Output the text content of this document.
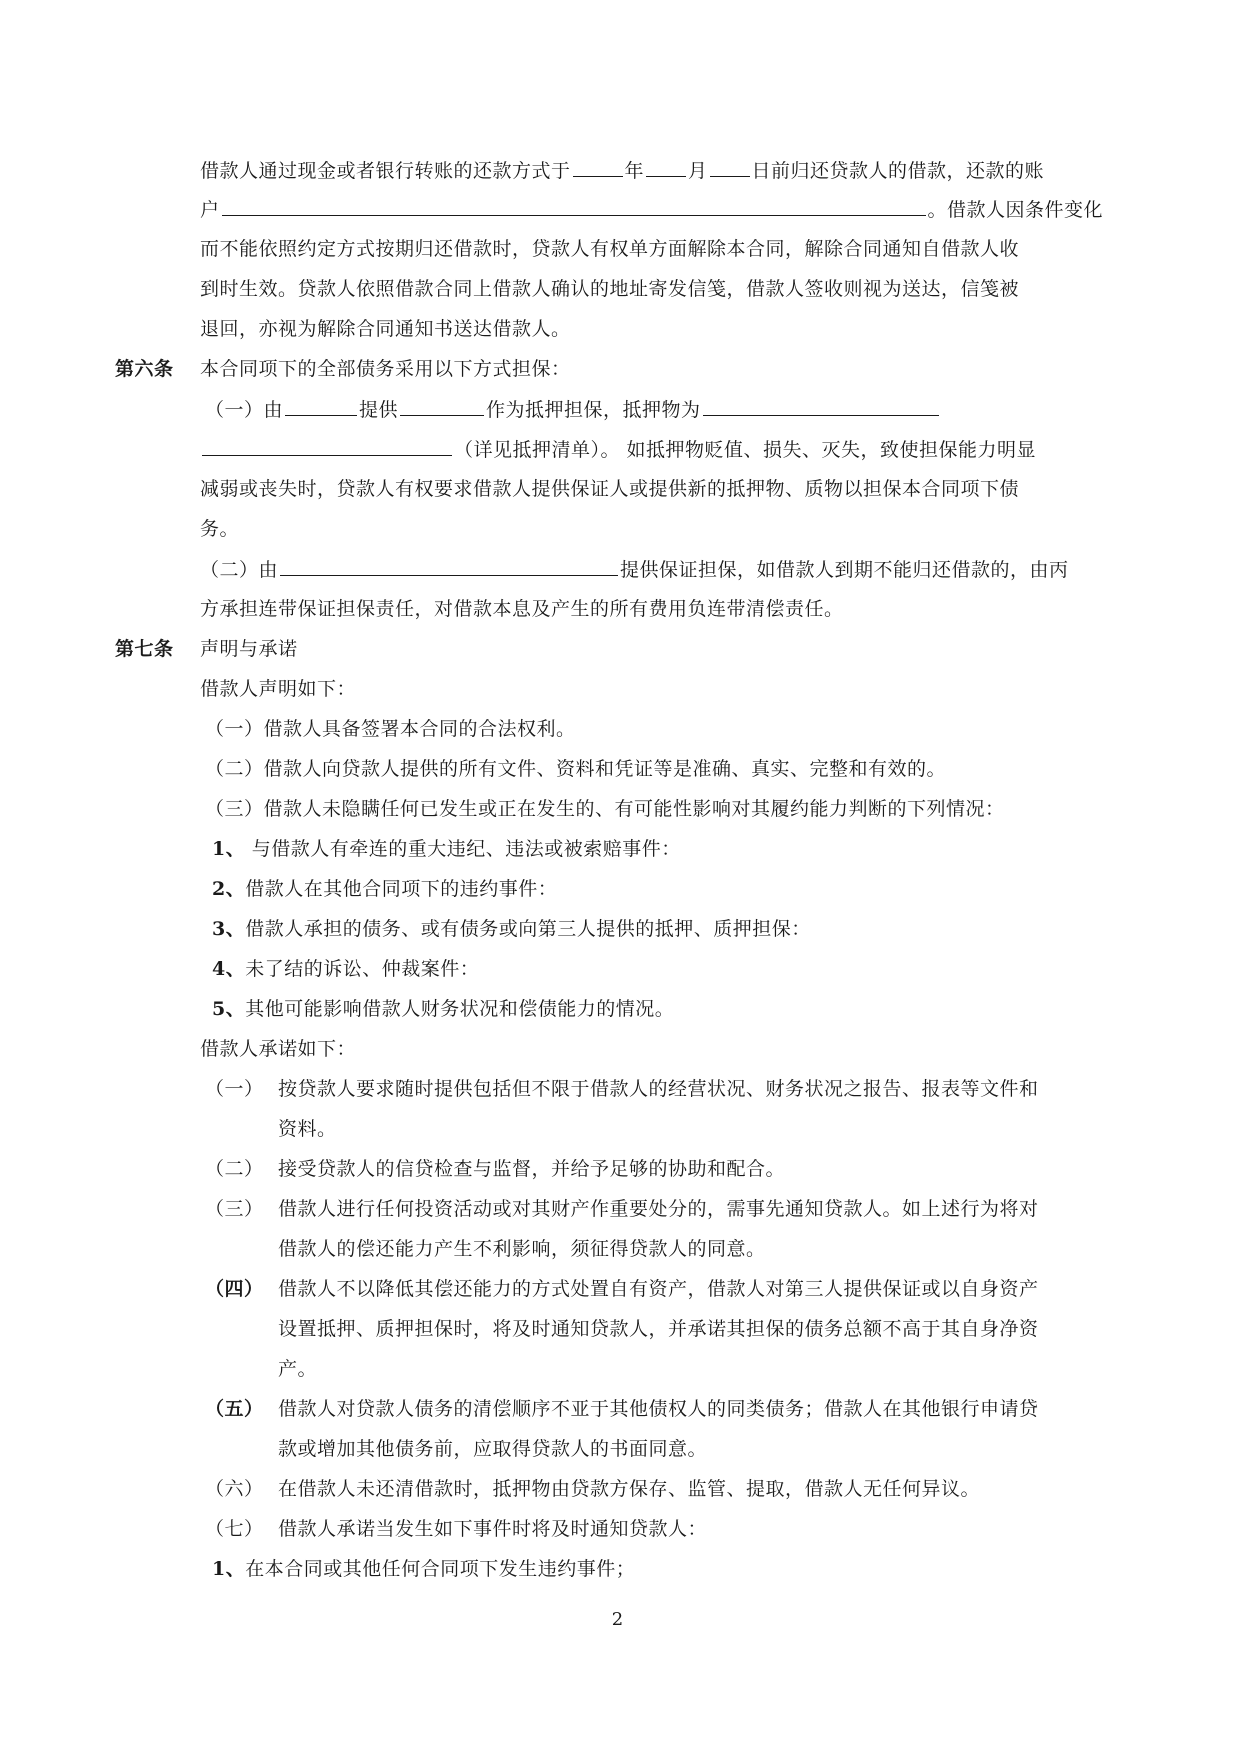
借款人通过现金或者银行转账的还款方式于	年 月 日前归还贷款人的借款，还款的账
户	。借款人因条件变化
而不能依照约定方式按期归还借款时，贷款人有权单方面解除本合同，解除合同通知自借款人收
到时生效。贷款人依照借款合同上借款人确认的地址寄发信笺，借款人签收则视为送达，信笺被
退回，亦视为解除合同通知书送达借款人。
第六条 本合同项下的全部债务采用以下方式担保：
（一）由	提供	作为抵押担保，抵押物为
（详见抵押清单）。 如抵押物贬值、损失、灭失，致使担保能力明显
减弱或丧失时，贷款人有权要求借款人提供保证人或提供新的抵押物、质物以担保本合同项下债
务。
（二）由	提供保证担保，如借款人到期不能归还借款的，由丙
方承担连带保证担保责任，对借款本息及产生的所有费用负连带清偿责任。
第七条 声明与承诺
借款人声明如下：
（一）借款人具备签署本合同的合法权利。
（二）借款人向贷款人提供的所有文件、资料和凭证等是准确、真实、完整和有效的。
（三）借款人未隐瞒任何已发生或正在发生的、有可能性影响对其履约能力判断的下列情况：
1、 与借款人有牵连的重大违纪、违法或被索赔事件：
2、借款人在其他合同项下的违约事件：
3、借款人承担的债务、或有债务或向第三人提供的抵押、质押担保：
4、未了结的诉讼、仲裁案件：
5、其他可能影响借款人财务状况和偿债能力的情况。
借款人承诺如下：
（一） 按贷款人要求随时提供包括但不限于借款人的经营状况、财务状况之报告、报表等文件和
资料。
（二） 接受贷款人的信贷检查与监督，并给予足够的协助和配合。
（三） 借款人进行任何投资活动或对其财产作重要处分的，需事先通知贷款人。如上述行为将对
借款人的偿还能力产生不利影响，须征得贷款人的同意。
（四） 借款人不以降低其偿还能力的方式处置自有资产，借款人对第三人提供保证或以自身资产
设置抵押、质押担保时，将及时通知贷款人，并承诺其担保的债务总额不高于其自身净资
产。
（五） 借款人对贷款人债务的清偿顺序不亚于其他债权人的同类债务；借款人在其他银行申请贷
款或增加其他债务前，应取得贷款人的书面同意。
（六） 在借款人未还清借款时，抵押物由贷款方保存、监管、提取，借款人无任何异议。
（七） 借款人承诺当发生如下事件时将及时通知贷款人：
1、在本合同或其他任何合同项下发生违约事件；
2
